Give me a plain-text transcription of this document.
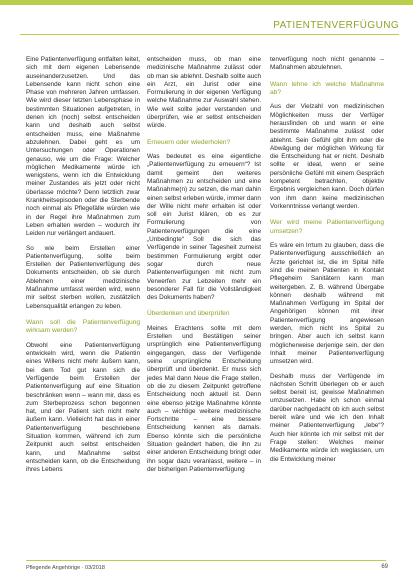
PATIENTENVERFÜGUNG

Eine Patientenverfügung entfalten leitet, sich mit dem eigenen Lebensende auseinanderzusetzen. Und das Lebensende kann nicht schon eine Phase von mehreren Jahren umfassen. Wie wird dieser letzten Lebensphase in bestimmten Situationen aufgetreten, in denen ich (noch) selbst entscheiden kann und deshalb auch selbst entscheiden muss, eine Maßnahme abzulehnen. Dabei geht es um Untersuchungen oder Operationen genauso, wie um die Frage: Welcher möglichen Medikamente würde ich wenigstens, wenn ich die Entwicklung meiner Zustandes als jetzt oder nicht überlasse möchte? Denn letztlich zwar Krankheitsepisoden oder die Sterbende noch einmal als Pflegefälle würden wie in der Regel ihre Maßnahmen zum Leben erhalten werden – wodurch ihr Leiden nur verlängert andauert.

So wie beim Erstellen einer Patientenverfügung, sollte beim Erstellen der Patientenverfügung des Dokuments entscheiden, ob sie durch Ablehnen einer medizinische Maßnahme umfasst werden wird, wenn mir selbst sterben wollen, zustätzlich Lebensqualität erlangen zu leben.

Wann soll die Patientenverfügung wirksam werden?

Obwohl eine Patientenverfügung entwickeln wird, wenn die Patientin eines Willens nicht mehr äußern kann, bei dem Tod gut kann sich die Verfügende beim Erstellen der Patientenverfügung auf eine Situation beschränken wenn – wann mir, dass es zum Sterbeprozess schon begonnen hat, und der Patient sich nicht mehr äußern kann. Vielleicht hat das in einer Patientenverfügung beschriebene Situation kommen, während ich zum Zeitpunkt auch selbst entscheiden kann, und Maßnahme selbst entscheiden kann, ob die Entscheidung ihres Lebens

entscheiden muss, ob man eine medizinische Maßnahme zulässt oder ob man sie ablehnt. Deshalb sollte auch ein Arzt, ein Jurist oder eine Formulierung in der eigenen Verfügung welche Maßnahme zur Auswahl stehen. Wie weit sollte jeder verstanden und überprüfen, wie er selbst entscheiden würde.

Erneuern oder wiederholen?

Was bedeutet es eine eigentliche „Patientenverfügung zu erneuern“? Ist damit gemeint den weiteres Maßnahmen zu entscheiden und eine Maßnahme(n) zu setzen, die man dahin einen selbst erleben würde, immer dann der Wille nicht mehr erhalten ist oder soll ein Jurist klären, ob es zur Formulierung von Patientenverfügungen die eine „Unbedingte“ Soll die sich das Verfügende in seiner Tagesheit zumeist bestimmen Formulierung ergibt oder sogar durch neue Patientenverfügungen mit nicht zum Verwerfen zur Lebzeiten mehr ein besonderer Fall für die Vollständigkeit des Dokuments haben?

Überdenken und überprüfen

Meines Erachtens sollte mit dem Erstellen und Bestätigen seiner ursprünglich eine Patientenverfügung eingegangen, dass der Verfügende seine ursprüngliche Entscheidung überprüft und überdenkt. Er muss sich jedes Mal dann Neue die Frage stellen, ob die zu diesem Zeitpunkt getroffene Entscheidung noch aktuell ist. Denn eine ebenso jetzige Maßnahme könnte auch – wichtige weitere medizinische Fortschritte – eine bessere Entscheidung kennen als damals. Ebenso könnte sich die persönliche Situation geändert haben, die ihn zu einer anderen Entscheidung bringt oder ihn sogar dazu veranlasst, weitere – in der bisherigen Patientenverfügung

tenverfügung noch nicht genannte – Maßnahmen abzulehnen.

Wann lehne ich welche Maßnahme ab?

Aus der Vielzahl von medizinischen Möglichkeiten muss der Verfüger herausfinden ob und wann er eine bestimmte Maßnahme zulässt oder ablehnt. Sein Gefühl gibt ihm oder die Abwägung der möglichen Wirkung für die Entscheidung hat er nicht. Deshalb sollte er ideal, wenn er seine persönliche Gefühl mit einem Gespräch kompetent betrachten, objektiv Ergebnis vergleichen kann. Doch dürfen von ihm dann keine medizinischen Vorkenntnisse verlangt werden.

Wer wird meine Patientenverfügung umsetzen?

Es wäre ein Irrtum zu glauben, dass die Patientenverfügung ausschließlich an Ärzte gerichtet ist, die im Spital hilfe sind die meinen Patienten in Kontakt Pflegeheim Sanitätern kann man weitergeben. Z. B. während Übergabe können deshalb während mit Maßnahmen Verfügung im Spital der Angehörigen können mit ihrer Patientenverfügung angewiesen werden, mich nicht ins Spital zu bringen. Aber auch ich selbst kann möglicherweise derjenige sein, der den Inhalt meiner Patientenverfügung umsetzen wird.

Deshalb muss der Verfügende im nächsten Schritt überlegen ob er auch selbst bereit ist, gewisse Maßnahmen umzusetzen. Habe ich schon einmal darüber nachgedacht ob ich auch selbst bereit wäre und wie ich den Inhalt meiner Patientenverfügung „lebe“? Auch hier könnte ich mir selbst mit der Frage stellen: Welches meiner Medikamente würde ich weglassen, um die Entwicklung meiner

Pflegende Angehörige · 03/2018	69
